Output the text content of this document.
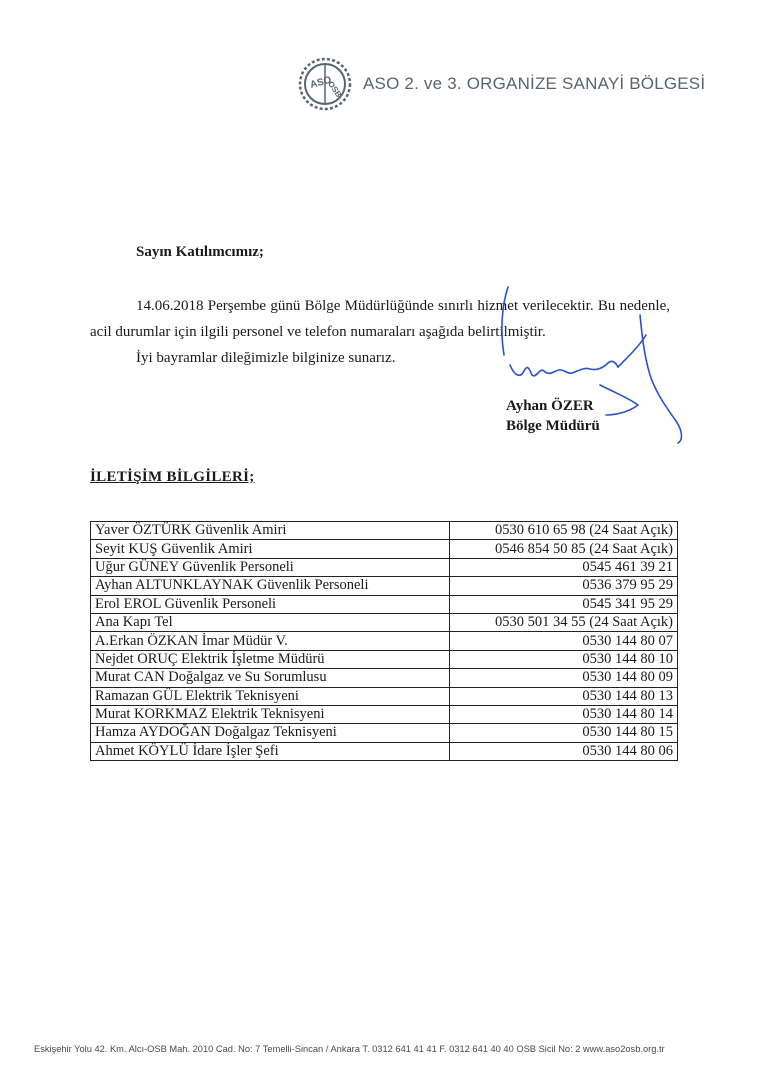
ASO
OSB ASO 2. ve 3. ORGANİZE SANAYİ BÖLGESİ
Sayın Katılımcımız;

14.06.2018 Perşembe günü Bölge Müdürlüğünde sınırlı hizmet verilecektir. Bu nedenle, acil durumlar için ilgili personel ve telefon numaraları aşağıda belirtilmiştir.

İyi bayramlar dileğimizle bilginize sunarız.

Ayhan ÖZER
Bölge Müdürü
İLETİŞİM BİLGİLERİ;
Yaver ÖZTÜRK Güvenlik Amiri	0530 610 65 98 (24 Saat Açık)
Seyit KUŞ Güvenlik Amiri	0546 854 50 85 (24 Saat Açık)
Uğur GÜNEY Güvenlik Personeli	0545 461 39 21
Ayhan ALTUNKLAYNAK Güvenlik Personeli	0536 379 95 29
Erol EROL Güvenlik Personeli	0545 341 95 29
Ana Kapı Tel	0530 501 34 55 (24 Saat Açık)
A.Erkan ÖZKAN İmar Müdür V.	0530 144 80 07
Nejdet ORUÇ Elektrik İşletme Müdürü	0530 144 80 10
Murat CAN Doğalgaz ve Su Sorumlusu	0530 144 80 09
Ramazan GÜL Elektrik Teknisyeni	0530 144 80 13
Murat KORKMAZ Elektrik Teknisyeni	0530 144 80 14
Hamza AYDOĞAN Doğalgaz Teknisyeni	0530 144 80 15
Ahmet KÖYLÜ İdare İşler Şefi	0530 144 80 06
Eskişehir Yolu 42. Km. Alcı-OSB Mah. 2010 Cad. No: 7 Temelli-Sincan / Ankara T. 0312 641 41 41 F. 0312 641 40 40 OSB Sicil No: 2 www.aso2osb.org.tr
